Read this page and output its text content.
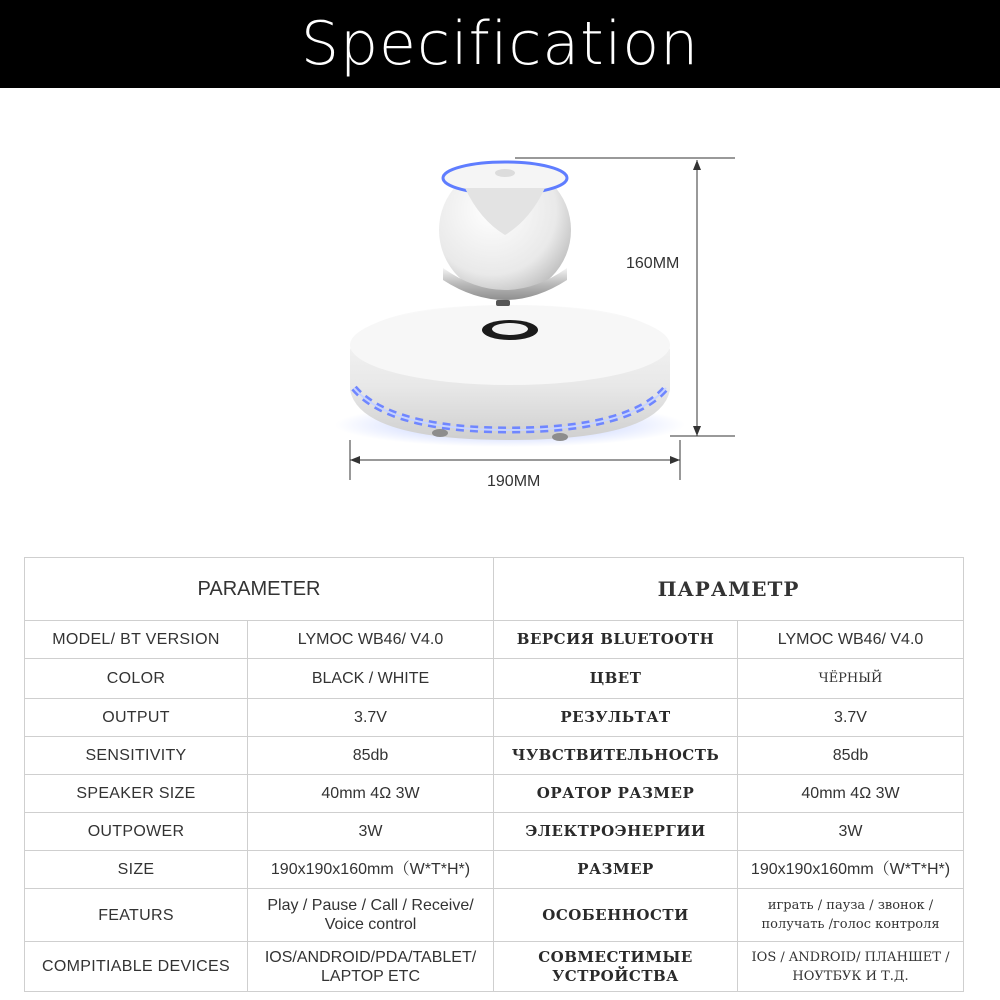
Specification
160MM
190MM
PARAMETER		ПАРАМЕТР	
MODEL/ BT VERSION	LYMOC WB46/ V4.0	ВЕРСИЯ BLUETOOTH	LYMOC WB46/ V4.0
COLOR	BLACK / WHITE	ЦВЕТ	ЧЁРНЫЙ
OUTPUT	3.7V	РЕЗУЛЬТАТ	3.7V
SENSITIVITY	85db	ЧУВСТВИТЕЛЬНОСТЬ	85db
SPEAKER SIZE	40mm 4Ω 3W	ОРАТОР РАЗМЕР	40mm 4Ω 3W
OUTPOWER	3W	ЭЛЕКТРОЭНЕРГИИ	3W
SIZE	190x190x160mm（W*T*H*)	РАЗМЕР	190x190x160mm（W*T*H*)
FEATURS	Play / Pause / Call / Receive/ Voice control	ОСОБЕННОСТИ	играть / пауза / звонок / получать /голос контроля
COMPITIABLE DEVICES	IOS/ANDROID/PDA/TABLET/ LAPTOP ETC	СОВМЕСТИМЫЕ УСТРОЙСТВА	IOS / ANDROID/ ПЛАНШЕТ /НОУТБУК И Т.Д.
